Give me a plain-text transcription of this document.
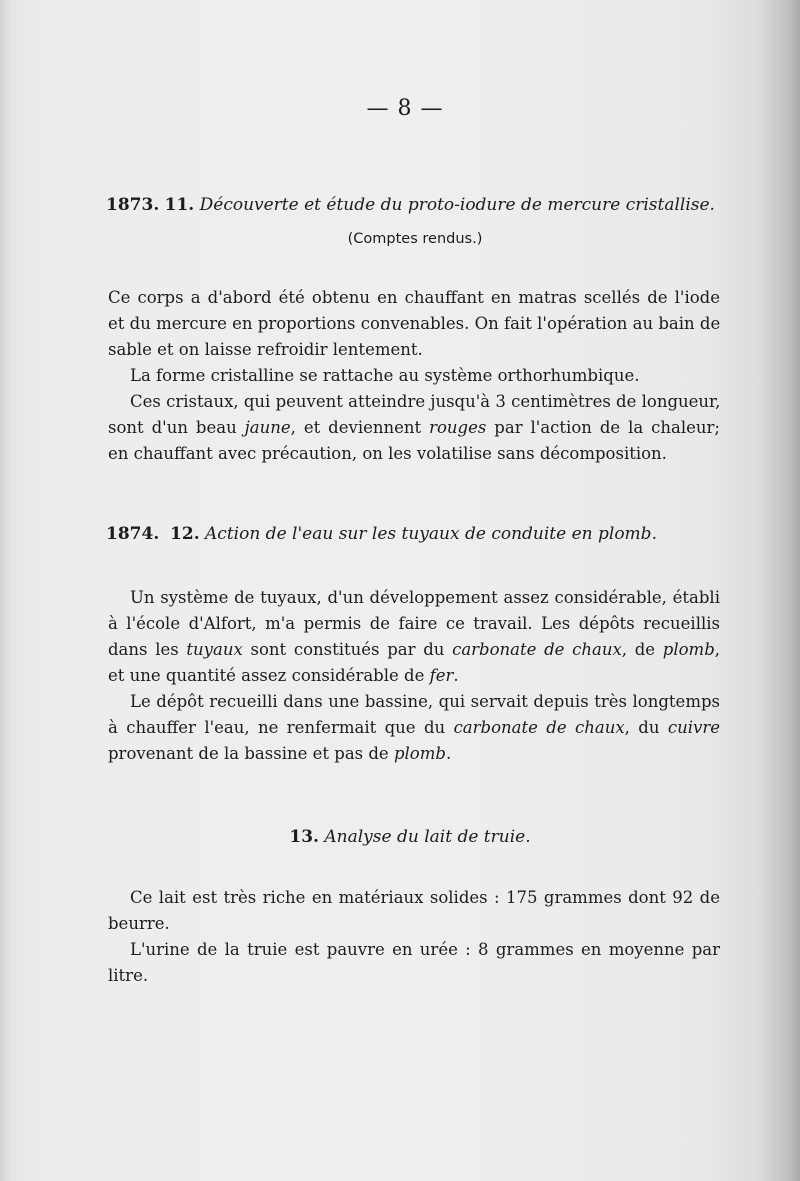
— 8 —
1873. 11. Découverte et étude du proto-iodure de mercure cristallise.
(Comptes rendus.)
Ce corps a d'abord été obtenu en chauffant en matras scellés de l'iode
et du mercure en proportions convenables. On fait l'opération au bain de
sable et on laisse refroidir lentement.
La forme cristalline se rattache au système orthorhumbique.
Ces cristaux, qui peuvent atteindre jusqu'à 3 centimètres de longueur,
sont d'un beau jaune, et deviennent rouges par l'action de la chaleur;
en chauffant avec précaution, on les volatilise sans décomposition.
1874. 12. Action de l'eau sur les tuyaux de conduite en plomb.
Un système de tuyaux, d'un développement assez considérable, établi
à l'école d'Alfort, m'a permis de faire ce travail. Les dépôts recueillis
dans les tuyaux sont constitués par du carbonate de chaux, de plomb,
et une quantité assez considérable de fer.
Le dépôt recueilli dans une bassine, qui servait depuis très longtemps
à chauffer l'eau, ne renfermait que du carbonate de chaux, du cuivre
provenant de la bassine et pas de plomb.
13. Analyse du lait de truie.
Ce lait est très riche en matériaux solides : 175 grammes dont 92 de
beurre.
L'urine de la truie est pauvre en urée : 8 grammes en moyenne par
litre.
